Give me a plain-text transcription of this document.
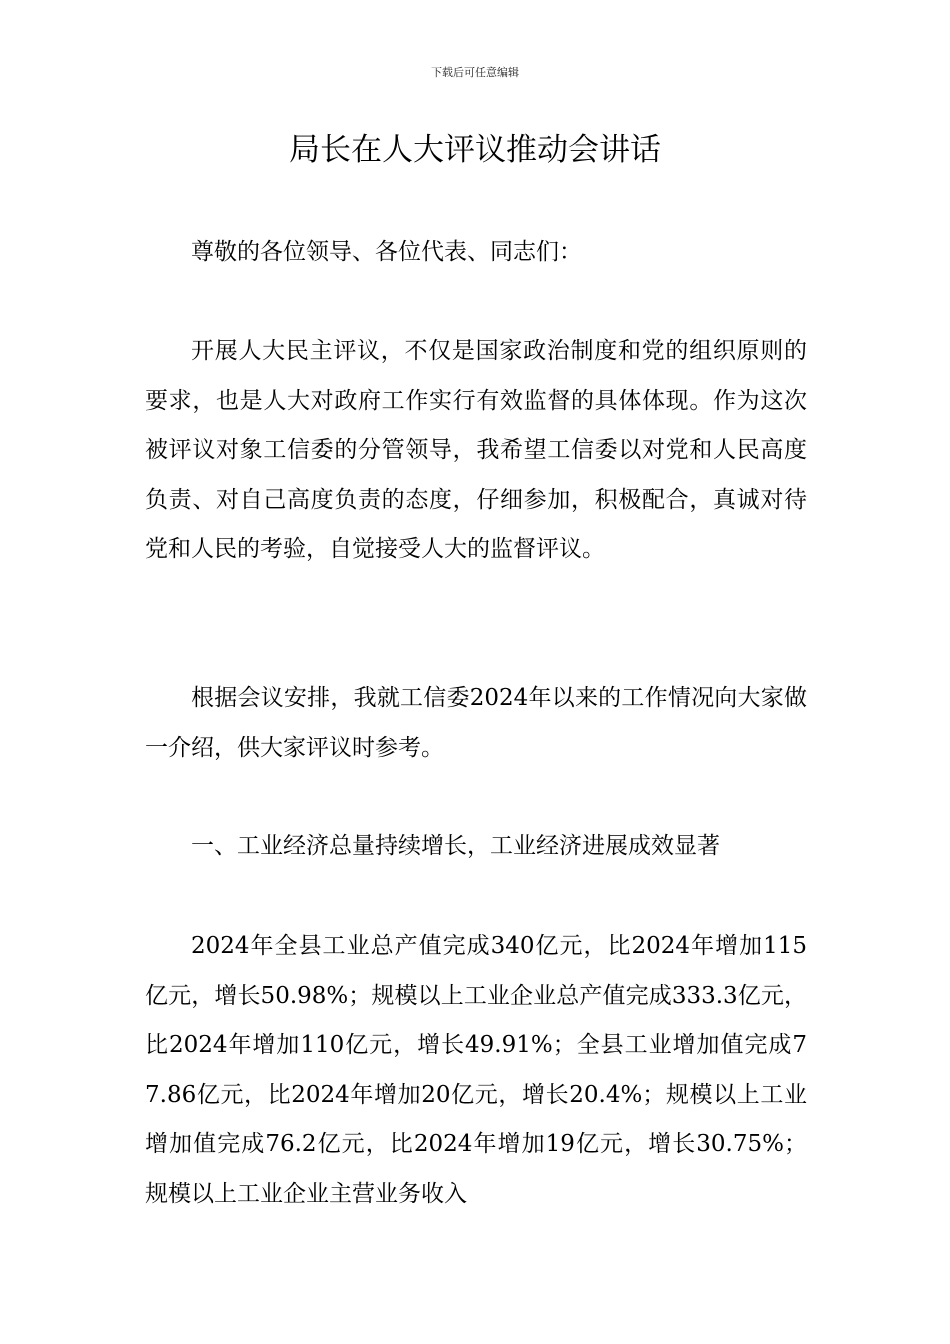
下载后可任意编辑
局长在人大评议推动会讲话

尊敬的各位领导、各位代表、同志们：

开展人大民主评议，不仅是国家政治制度和党的组织原则的要求，也是人大对政府工作实行有效监督的具体体现。作为这次被评议对象工信委的分管领导，我希望工信委以对党和人民高度负责、对自己高度负责的态度，仔细参加，积极配合，真诚对待党和人民的考验，自觉接受人大的监督评议。

根据会议安排，我就工信委2024年以来的工作情况向大家做一介绍，供大家评议时参考。

一、工业经济总量持续增长，工业经济进展成效显著

2024年全县工业总产值完成340亿元，比2024年增加115亿元，增长50.98%；规模以上工业企业总产值完成333.3亿元，比2024年增加110亿元，增长49.91%；全县工业增加值完成77.86亿元，比2024年增加20亿元，增长20.4%；规模以上工业增加值完成76.2亿元，比2024年增加19亿元，增长30.75%；规模以上工业企业主营业务收入
